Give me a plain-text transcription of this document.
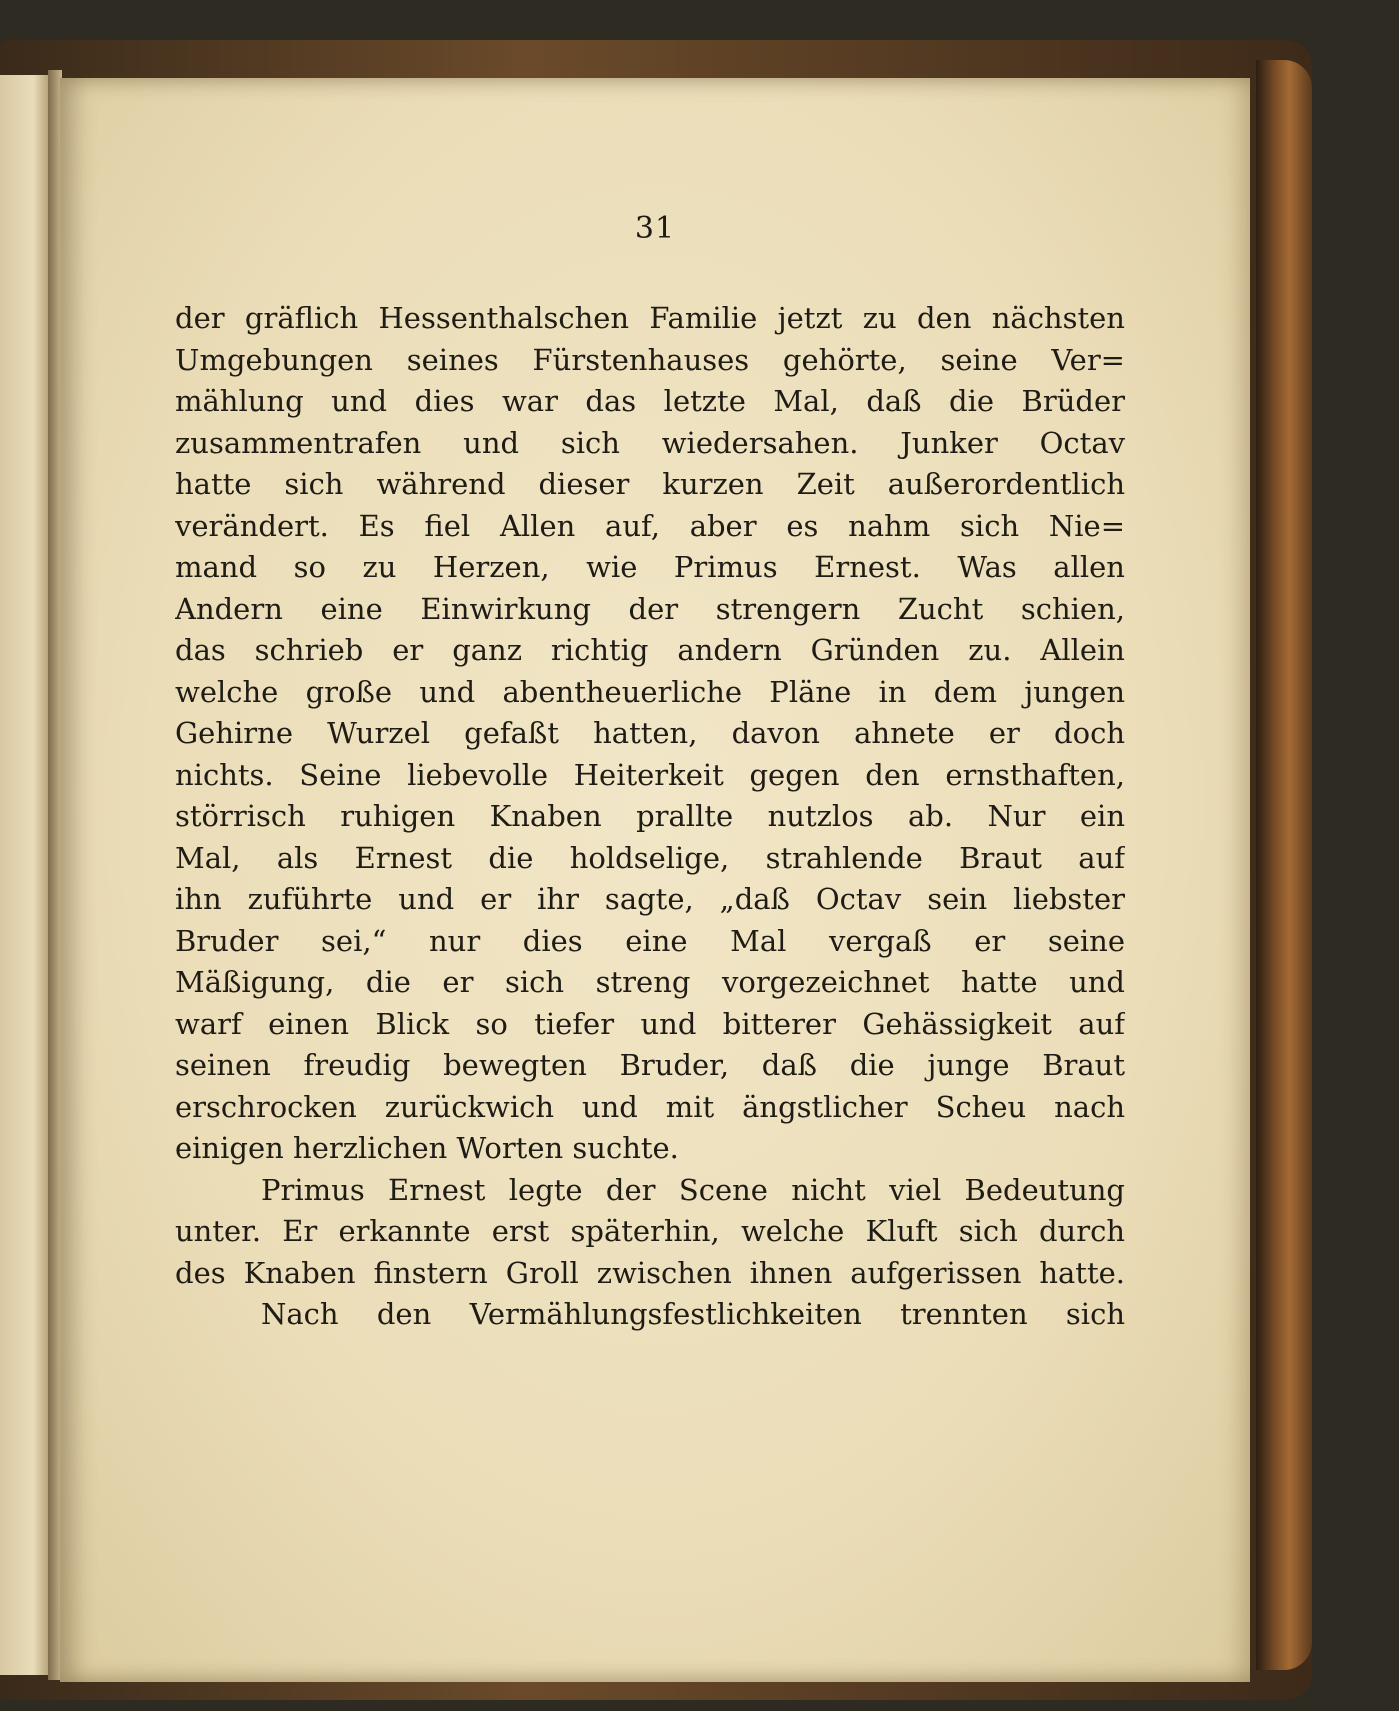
31
der gräflich Hessenthalschen Familie jetzt zu den nächsten
Umgebungen seines Fürstenhauses gehörte, seine Ver=
mählung und dies war das letzte Mal, daß die Brüder
zusammentrafen und sich wiedersahen. Junker Octav
hatte sich während dieser kurzen Zeit außerordentlich
verändert. Es fiel Allen auf, aber es nahm sich Nie=
mand so zu Herzen, wie Primus Ernest. Was allen
Andern eine Einwirkung der strengern Zucht schien,
das schrieb er ganz richtig andern Gründen zu. Allein
welche große und abentheuerliche Pläne in dem jungen
Gehirne Wurzel gefaßt hatten, davon ahnete er doch
nichts. Seine liebevolle Heiterkeit gegen den ernsthaften,
störrisch ruhigen Knaben prallte nutzlos ab. Nur ein
Mal, als Ernest die holdselige, strahlende Braut auf
ihn zuführte und er ihr sagte, „daß Octav sein liebster
Bruder sei,“ nur dies eine Mal vergaß er seine
Mäßigung, die er sich streng vorgezeichnet hatte und
warf einen Blick so tiefer und bitterer Gehässigkeit auf
seinen freudig bewegten Bruder, daß die junge Braut
erschrocken zurückwich und mit ängstlicher Scheu nach
einigen herzlichen Worten suchte.
Primus Ernest legte der Scene nicht viel Bedeutung
unter. Er erkannte erst späterhin, welche Kluft sich durch
des Knaben finstern Groll zwischen ihnen aufgerissen hatte.
Nach den Vermählungsfestlichkeiten trennten sich
